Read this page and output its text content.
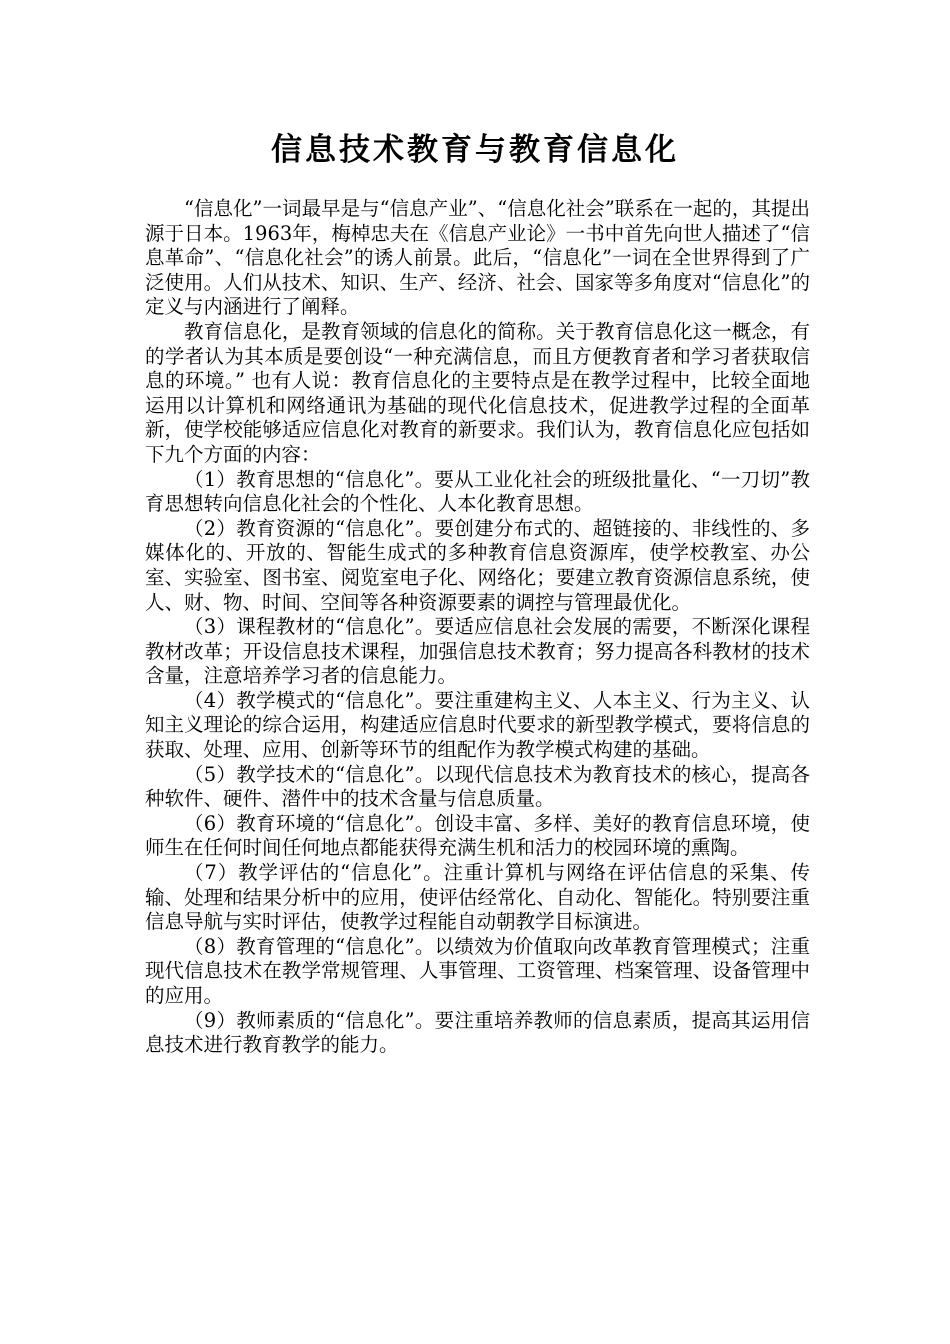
信息技术教育与教育信息化

“信息化”一词最早是与“信息产业”、“信息化社会”联系在一起的，其提出源于日本。1963年，梅棹忠夫在《信息产业论》一书中首先向世人描述了“信息革命”、“信息化社会”的诱人前景。此后，“信息化”一词在全世界得到了广泛使用。人们从技术、知识、生产、经济、社会、国家等多角度对“信息化”的定义与内涵进行了阐释。

教育信息化，是教育领域的信息化的简称。关于教育信息化这一概念，有的学者认为其本质是要创设“一种充满信息，而且方便教育者和学习者获取信息的环境。” 也有人说：教育信息化的主要特点是在教学过程中，比较全面地运用以计算机和网络通讯为基础的现代化信息技术，促进教学过程的全面革新，使学校能够适应信息化对教育的新要求。我们认为，教育信息化应包括如下九个方面的内容：

（1）教育思想的“信息化”。要从工业化社会的班级批量化、“一刀切”教育思想转向信息化社会的个性化、人本化教育思想。

（2）教育资源的“信息化”。要创建分布式的、超链接的、非线性的、多媒体化的、开放的、智能生成式的多种教育信息资源库，使学校教室、办公室、实验室、图书室、阅览室电子化、网络化；要建立教育资源信息系统，使人、财、物、时间、空间等各种资源要素的调控与管理最优化。

（3）课程教材的“信息化”。要适应信息社会发展的需要，不断深化课程教材改革；开设信息技术课程，加强信息技术教育；努力提高各科教材的技术含量，注意培养学习者的信息能力。

（4）教学模式的“信息化”。要注重建构主义、人本主义、行为主义、认知主义理论的综合运用，构建适应信息时代要求的新型教学模式，要将信息的获取、处理、应用、创新等环节的组配作为教学模式构建的基础。

（5）教学技术的“信息化”。以现代信息技术为教育技术的核心，提高各种软件、硬件、潜件中的技术含量与信息质量。

（6）教育环境的“信息化”。创设丰富、多样、美好的教育信息环境，使师生在任何时间任何地点都能获得充满生机和活力的校园环境的熏陶。

（7）教学评估的“信息化”。注重计算机与网络在评估信息的采集、传输、处理和结果分析中的应用，使评估经常化、自动化、智能化。特别要注重信息导航与实时评估，使教学过程能自动朝教学目标演进。

（8）教育管理的“信息化”。以绩效为价值取向改革教育管理模式；注重现代信息技术在教学常规管理、人事管理、工资管理、档案管理、设备管理中的应用。

（9）教师素质的“信息化”。要注重培养教师的信息素质，提高其运用信息技术进行教育教学的能力。
